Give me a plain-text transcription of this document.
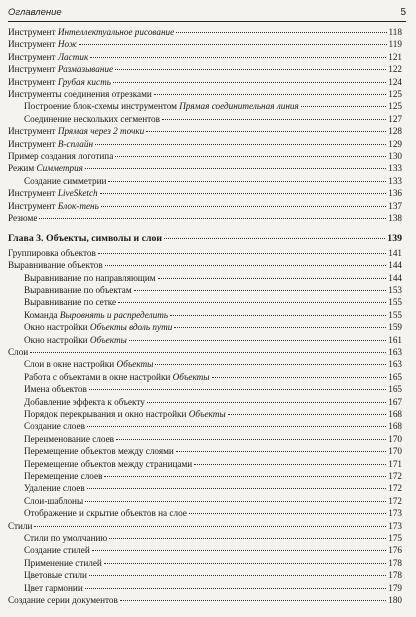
Оглавление	5
Инструмент Интеллектуальное рисование	118
Инструмент Нож	119
Инструмент Ластик	121
Инструмент Размазывание	122
Инструмент Грубая кисть	124
Инструменты соединения отрезками	125
Построение блок-схемы инструментом Прямая соединительная линия	125
Соединение нескольких сегментов	127
Инструмент Прямая через 2 точки	128
Инструмент В-сплайн	129
Пример создания логотипа	130
Режим Симметрия	133
Создание симметрии	133
Инструмент LiveSketch	136
Инструмент Блок-тень	137
Резюме	138
Глава 3. Объекты, символы и слои	139
Группировка объектов	141
Выравнивание объектов	144
Выравнивание по направляющим	144
Выравнивание по объектам	153
Выравнивание по сетке	155
Команда Выровнять и распределить	155
Окно настройки Объекты вдоль пути	159
Окно настройки Объекты	161
Слои	163
Слои в окне настройки Объекты	163
Работа с объектами в окне настройки Объекты	165
Имена объектов	165
Добавление эффекта к объекту	167
Порядок перекрывания и окно настройки Объекты	168
Создание слоев	168
Переименование слоев	170
Перемещение объектов между слоями	170
Перемещение объектов между страницами	171
Перемещение слоев	172
Удаление слоев	172
Слои-шаблоны	172
Отображение и скрытие объектов на слое	173
Стили	173
Стили по умолчанию	175
Создание стилей	176
Применение стилей	178
Цветовые стили	178
Цвет гармонии	179
Создание серии документов	180
